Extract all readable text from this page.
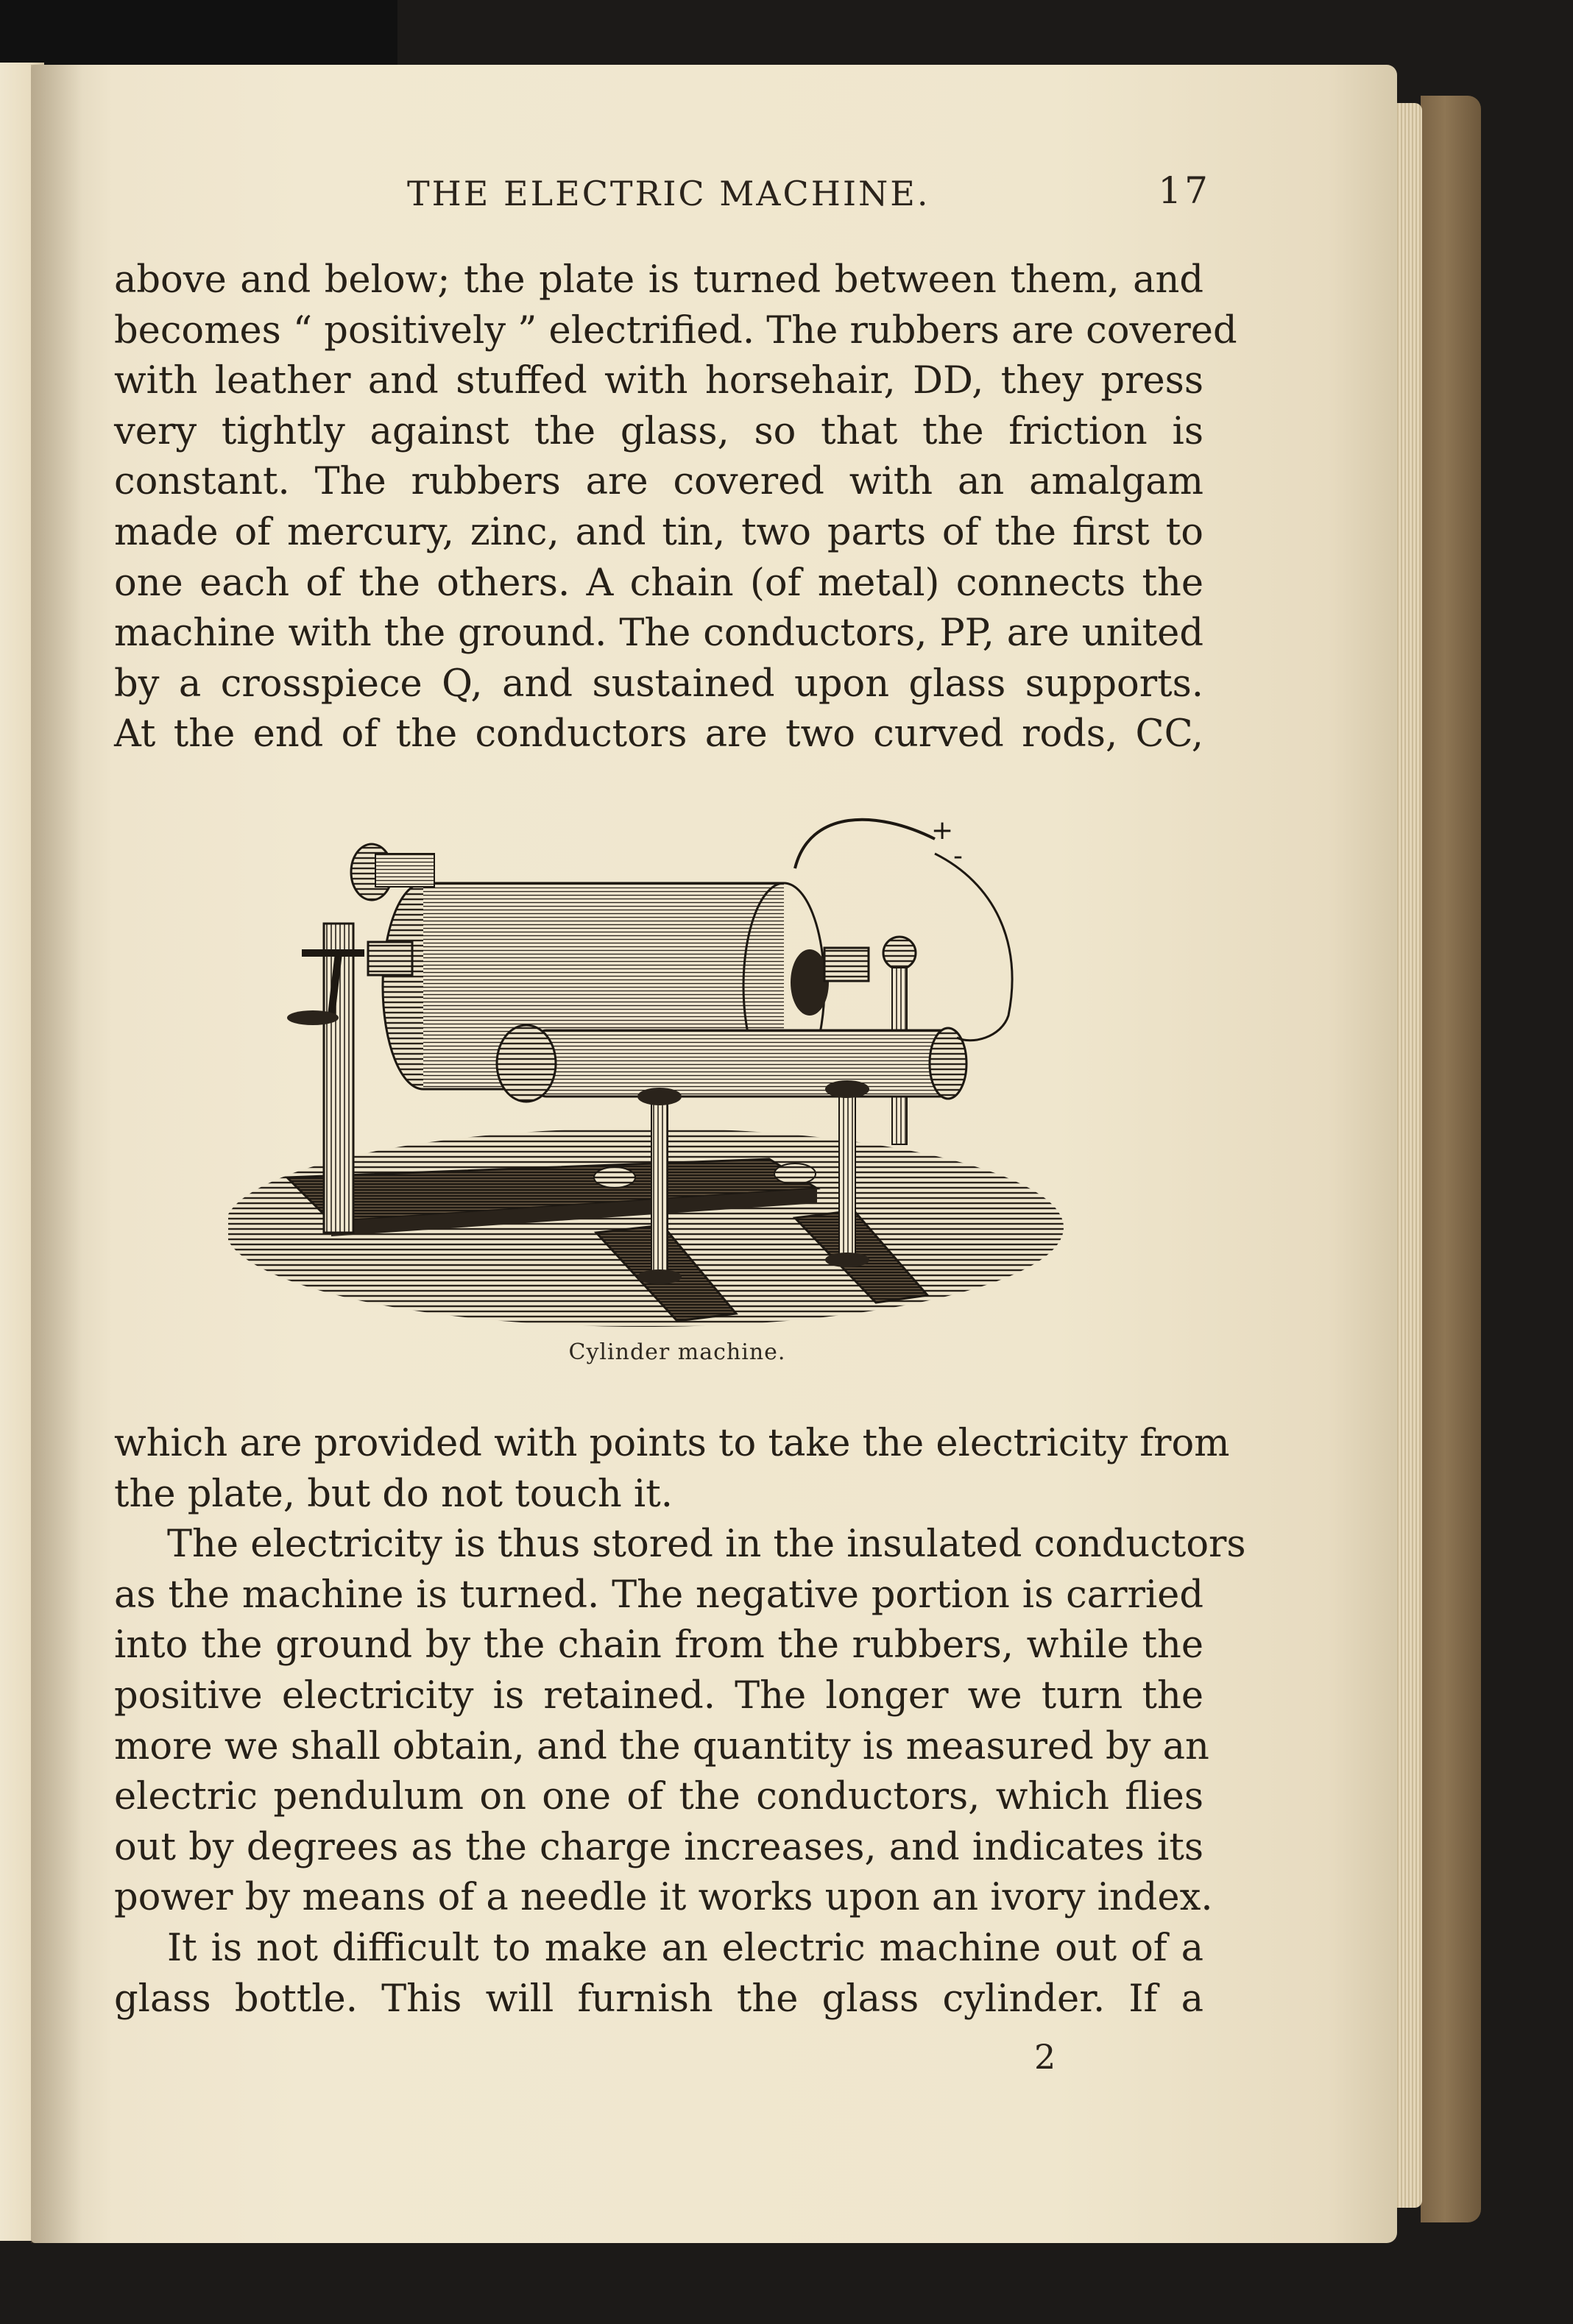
THE ELECTRIC MACHINE.	17
above and below; the plate is turned between them, and
becomes “ positively ” electrified. The rubbers are covered
with leather and stuffed with horsehair, DD, they press
very tightly against the glass, so that the friction is
constant. The rubbers are covered with an amalgam
made of mercury, zinc, and tin, two parts of the first to
one each of the others. A chain (of metal) connects the
machine with the ground. The conductors, PP, are united
by a crosspiece Q, and sustained upon glass supports.
At the end of the conductors are two curved rods, CC,
+
-
Cylinder machine.
which are provided with points to take the electricity from
the plate, but do not touch it.
The electricity is thus stored in the insulated conductors
as the machine is turned. The negative portion is carried
into the ground by the chain from the rubbers, while the
positive electricity is retained. The longer we turn the
more we shall obtain, and the quantity is measured by an
electric pendulum on one of the conductors, which flies
out by degrees as the charge increases, and indicates its
power by means of a needle it works upon an ivory index.
It is not difficult to make an electric machine out of a
glass bottle. This will furnish the glass cylinder. If a
2
